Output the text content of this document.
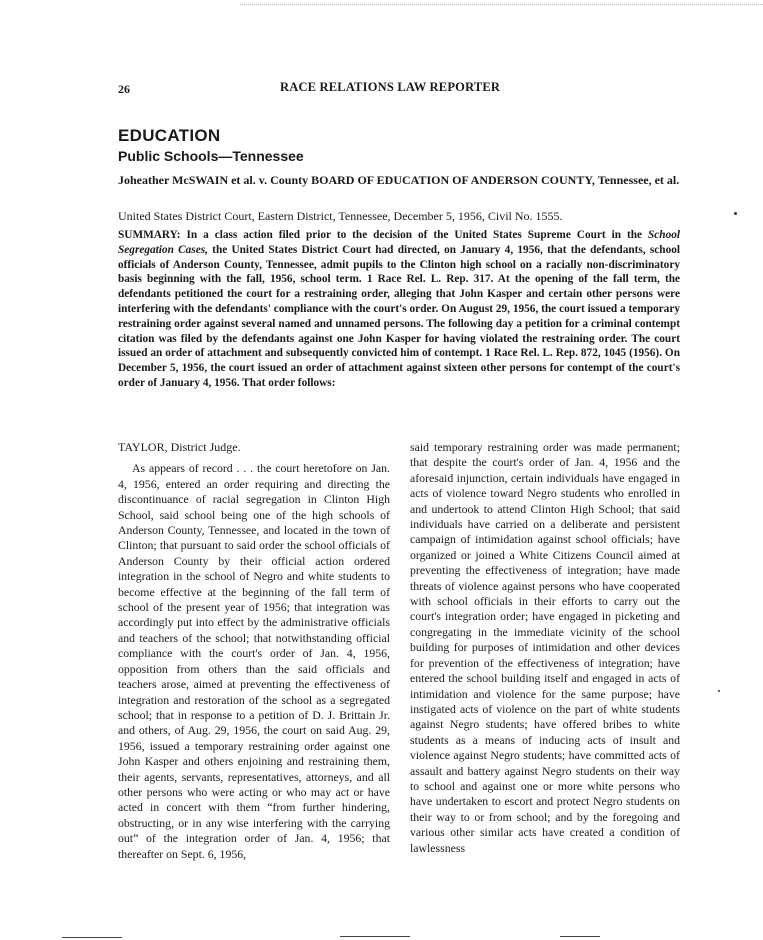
26	RACE RELATIONS LAW REPORTER
EDUCATION
Public Schools—Tennessee
Joheather McSWAIN et al. v. County BOARD OF EDUCATION OF ANDERSON COUNTY, Tennessee, et al.
United States District Court, Eastern District, Tennessee, December 5, 1956, Civil No. 1555.
SUMMARY: In a class action filed prior to the decision of the United States Supreme Court in the School Segregation Cases, the United States District Court had directed, on January 4, 1956, that the defendants, school officials of Anderson County, Tennessee, admit pupils to the Clinton high school on a racially non-discriminatory basis beginning with the fall, 1956, school term. 1 Race Rel. L. Rep. 317. At the opening of the fall term, the defendants petitioned the court for a restraining order, alleging that John Kasper and certain other persons were interfering with the defendants' compliance with the court's order. On August 29, 1956, the court issued a temporary restraining order against several named and unnamed persons. The following day a petition for a criminal contempt citation was filed by the defendants against one John Kasper for having violated the restraining order. The court issued an order of attachment and subsequently convicted him of contempt. 1 Race Rel. L. Rep. 872, 1045 (1956). On December 5, 1956, the court issued an order of attachment against sixteen other persons for contempt of the court's order of January 4, 1956. That order follows:
TAYLOR, District Judge.

As appears of record . . . the court heretofore on Jan. 4, 1956, entered an order requiring and directing the discontinuance of racial segregation in Clinton High School, said school being one of the high schools of Anderson County, Tennessee, and located in the town of Clinton; that pursuant to said order the school officials of Anderson County by their official action ordered integration in the school of Negro and white students to become effective at the beginning of the fall term of school of the present year of 1956; that integration was accordingly put into effect by the administrative officials and teachers of the school; that notwithstanding official compliance with the court's order of Jan. 4, 1956, opposition from others than the said officials and teachers arose, aimed at preventing the effectiveness of integration and restoration of the school as a segregated school; that in response to a petition of D. J. Brittain Jr. and others, of Aug. 29, 1956, the court on said Aug. 29, 1956, issued a temporary restraining order against one John Kasper and others enjoining and restraining them, their agents, servants, representatives, attorneys, and all other persons who were acting or who may act or have acted in concert with them “from further hindering, obstructing, or in any wise interfering with the carrying out” of the integration order of Jan. 4, 1956; that thereafter on Sept. 6, 1956,

said temporary restraining order was made permanent; that despite the court's order of Jan. 4, 1956 and the aforesaid injunction, certain individuals have engaged in acts of violence toward Negro students who enrolled in and undertook to attend Clinton High School; that said individuals have carried on a deliberate and persistent campaign of intimidation against school officials; have organized or joined a White Citizens Council aimed at preventing the effectiveness of integration; have made threats of violence against persons who have cooperated with school officials in their efforts to carry out the court's integration order; have engaged in picketing and congregating in the immediate vicinity of the school building for purposes of intimidation and other devices for prevention of the effectiveness of integration; have entered the school building itself and engaged in acts of intimidation and violence for the same purpose; have instigated acts of violence on the part of white students against Negro students; have offered bribes to white students as a means of inducing acts of insult and violence against Negro students; have committed acts of assault and battery against Negro students on their way to school and against one or more white persons who have undertaken to escort and protect Negro students on their way to or from school; and by the foregoing and various other similar acts have created a condition of lawlessness
